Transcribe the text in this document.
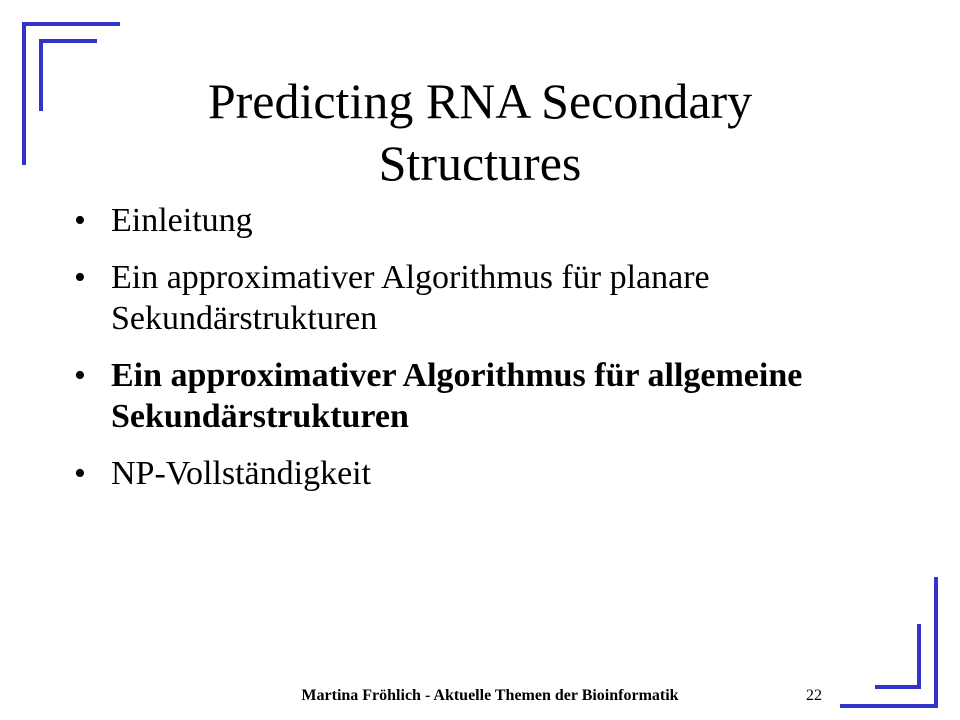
Predicting RNA Secondary Structures
• Einleitung
• Ein approximativer Algorithmus für planare Sekundärstrukturen
• Ein approximativer Algorithmus für allgemeine Sekundärstrukturen
• NP-Vollständigkeit
Martina Fröhlich - Aktuelle Themen der Bioinformatik	22
